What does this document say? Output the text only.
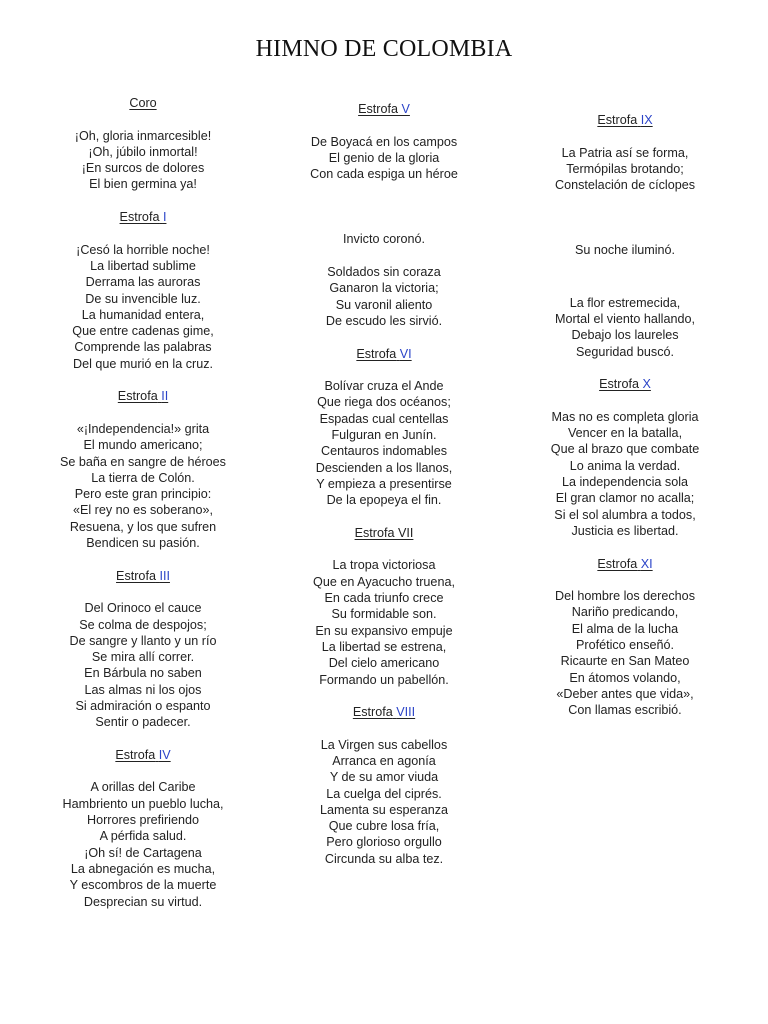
HIMNO DE COLOMBIA

Coro

¡Oh, gloria inmarcesible!
¡Oh, júbilo inmortal!
¡En surcos de dolores
El bien germina ya!

Estrofa I

¡Cesó la horrible noche!
La libertad sublime
Derrama las auroras
De su invencible luz.
La humanidad entera,
Que entre cadenas gime,
Comprende las palabras
Del que murió en la cruz.

Estrofa II

«¡Independencia!» grita
El mundo americano;
Se baña en sangre de héroes
La tierra de Colón.
Pero este gran principio:
«El rey no es soberano»,
Resuena, y los que sufren
Bendicen su pasión.

Estrofa III

Del Orinoco el cauce
Se colma de despojos;
De sangre y llanto y un río
Se mira allí correr.
En Bárbula no saben
Las almas ni los ojos
Si admiración o espanto
Sentir o padecer.

Estrofa IV

A orillas del Caribe
Hambriento un pueblo lucha,
Horrores prefiriendo
A pérfida salud.
¡Oh sí! de Cartagena
La abnegación es mucha,
Y escombros de la muerte
Desprecian su virtud.

Estrofa V

De Boyacá en los campos
El genio de la gloria
Con cada espiga un héroe
Invicto coronó.
Soldados sin coraza
Ganaron la victoria;
Su varonil aliento
De escudo les sirvió.

Estrofa VI

Bolívar cruza el Ande
Que riega dos océanos;
Espadas cual centellas
Fulguran en Junín.
Centauros indomables
Descienden a los llanos,
Y empieza a presentirse
De la epopeya el fin.

Estrofa VII

La tropa victoriosa
Que en Ayacucho truena,
En cada triunfo crece
Su formidable son.
En su expansivo empuje
La libertad se estrena,
Del cielo americano
Formando un pabellón.

Estrofa VIII

La Virgen sus cabellos
Arranca en agonía
Y de su amor viuda
La cuelga del ciprés.
Lamenta su esperanza
Que cubre losa fría,
Pero glorioso orgullo
Circunda su alba tez.

Estrofa IX

La Patria así se forma,
Termópilas brotando;
Constelación de cíclopes
Su noche iluminó.
La flor estremecida,
Mortal el viento hallando,
Debajo los laureles
Seguridad buscó.

Estrofa X

Mas no es completa gloria
Vencer en la batalla,
Que al brazo que combate
Lo anima la verdad.
La independencia sola
El gran clamor no acalla;
Si el sol alumbra a todos,
Justicia es libertad.

Estrofa XI

Del hombre los derechos
Nariño predicando,
El alma de la lucha
Profético enseñó.
Ricaurte en San Mateo
En átomos volando,
«Deber antes que vida»,
Con llamas escribió.
